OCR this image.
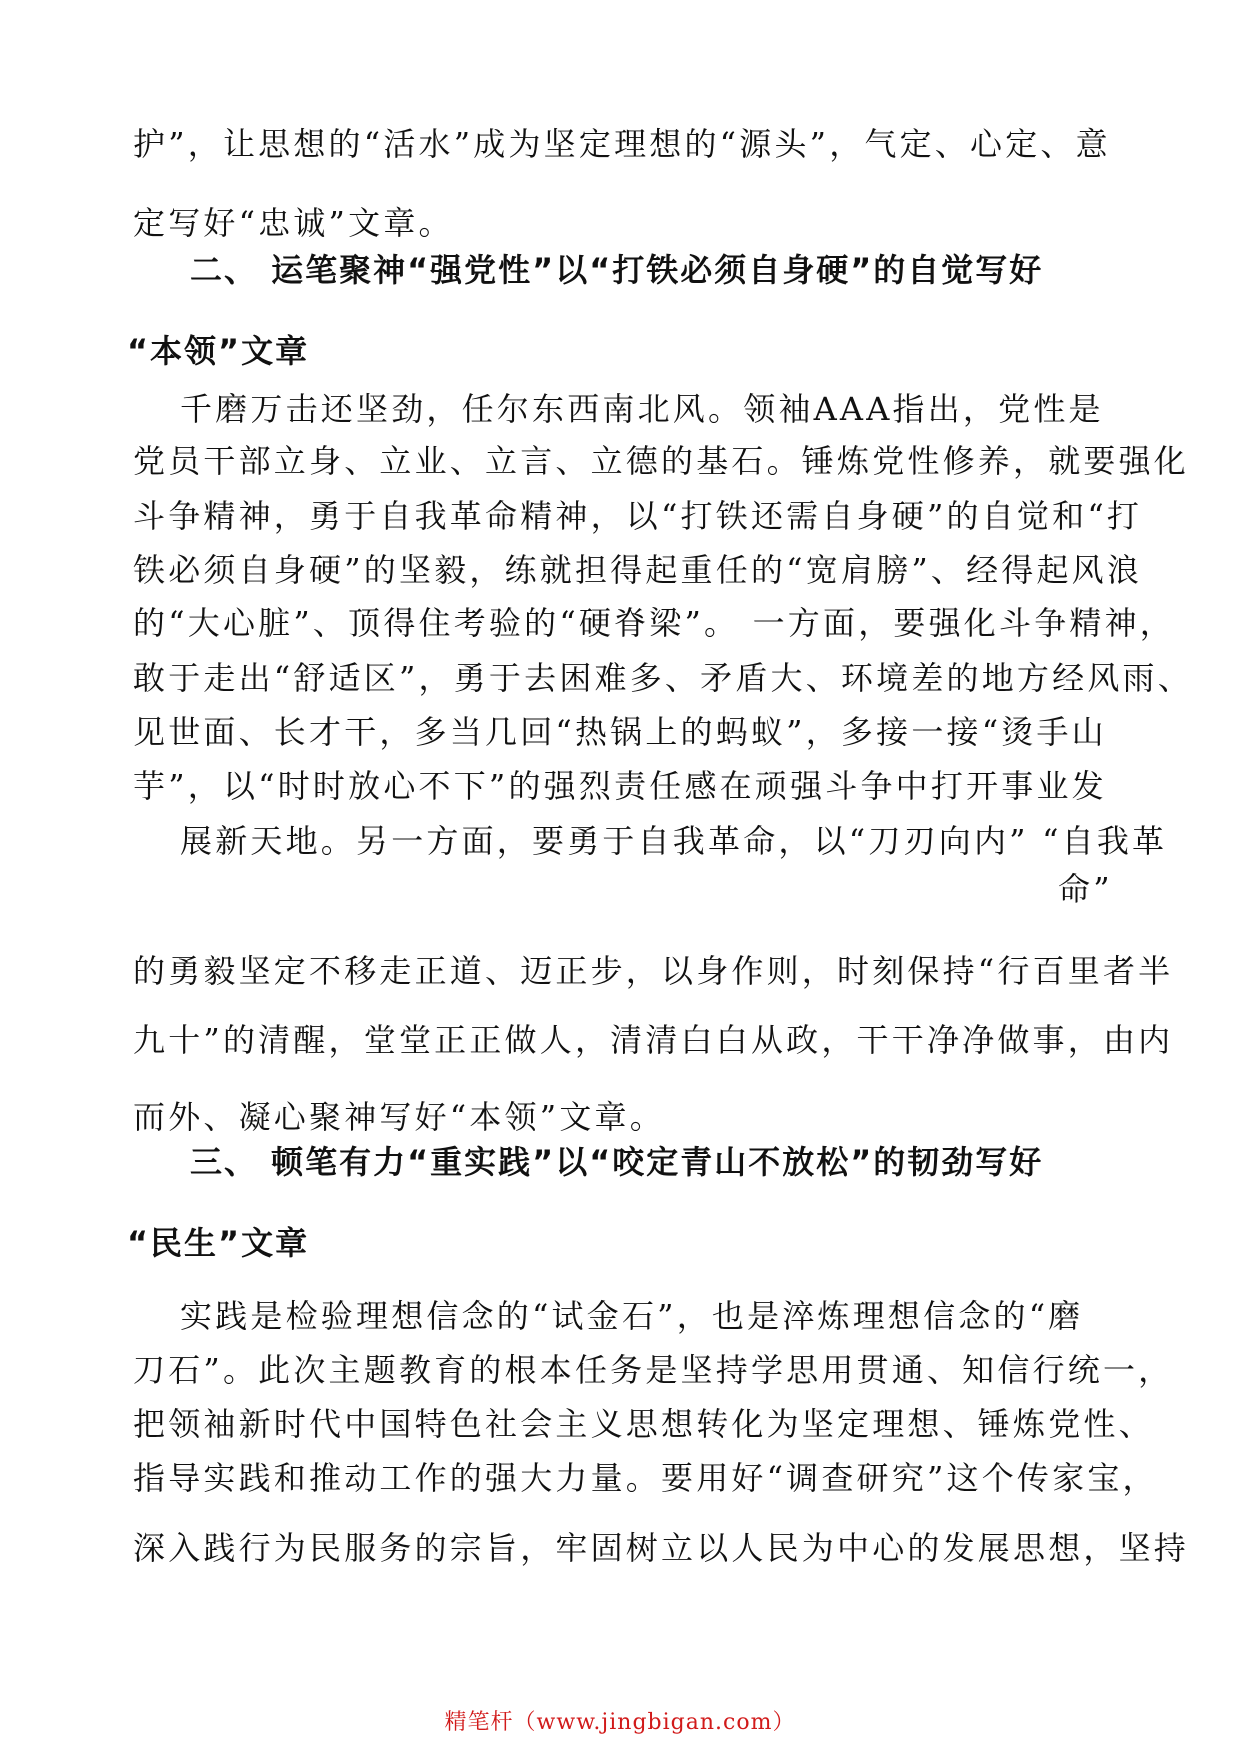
护”，让思想的“活水”成为坚定理想的“源头”，气定、心定、意
定写好“忠诚”文章。
二、 运笔聚神“强党性”以“打铁必须自身硬”的自觉写好
“本领”文章
千磨万击还坚劲，任尔东西南北风。领袖AAA指出，党性是
党员干部立身、立业、立言、立德的基石。锤炼党性修养，就要强化
斗争精神，勇于自我革命精神，以“打铁还需自身硬”的自觉和“打
铁必须自身硬”的坚毅，练就担得起重任的“宽肩膀”、经得起风浪
的“大心脏”、顶得住考验的“硬脊梁”。 一方面，要强化斗争精神，
敢于走出“舒适区”，勇于去困难多、矛盾大、环境差的地方经风雨、
见世面、长才干，多当几回“热锅上的蚂蚁”，多接一接“烫手山
芋”，以“时时放心不下”的强烈责任感在顽强斗争中打开事业发
展新天地。另一方面，要勇于自我革命，以“刀刃向内” “自我革
命”
的勇毅坚定不移走正道、迈正步，以身作则，时刻保持“行百里者半
九十”的清醒，堂堂正正做人，清清白白从政，干干净净做事，由内
而外、凝心聚神写好“本领”文章。
三、 顿笔有力“重实践”以“咬定青山不放松”的韧劲写好
“民生”文章
实践是检验理想信念的“试金石”，也是淬炼理想信念的“磨
刀石”。此次主题教育的根本任务是坚持学思用贯通、知信行统一，
把领袖新时代中国特色社会主义思想转化为坚定理想、锤炼党性、
指导实践和推动工作的强大力量。要用好“调查研究”这个传家宝，
深入践行为民服务的宗旨，牢固树立以人民为中心的发展思想，坚持
精笔杆（www.jingbigan.com）
